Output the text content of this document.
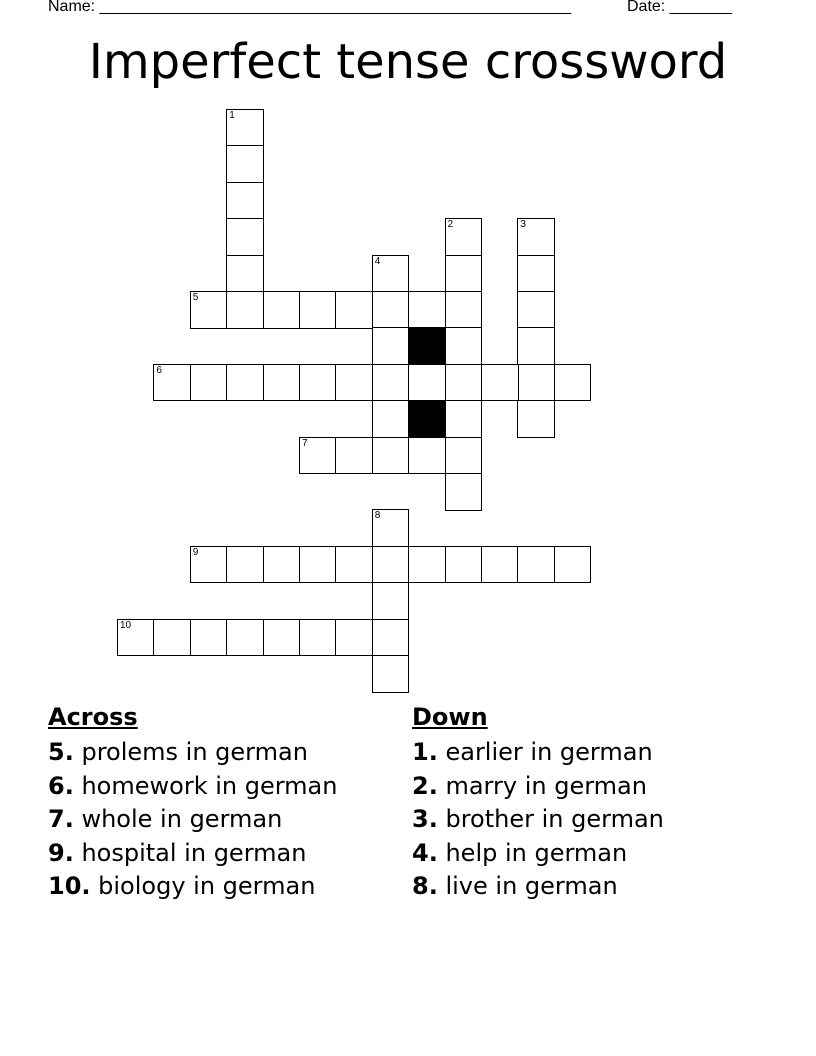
Name: _____________________________________________________	Date: _______
Imperfect tense crossword
1
2	3
4
5
6
7
8
9
10
Across
5. prolems in german
6. homework in german
7. whole in german
9. hospital in german
10. biology in german
Down
1. earlier in german
2. marry in german
3. brother in german
4. help in german
8. live in german
